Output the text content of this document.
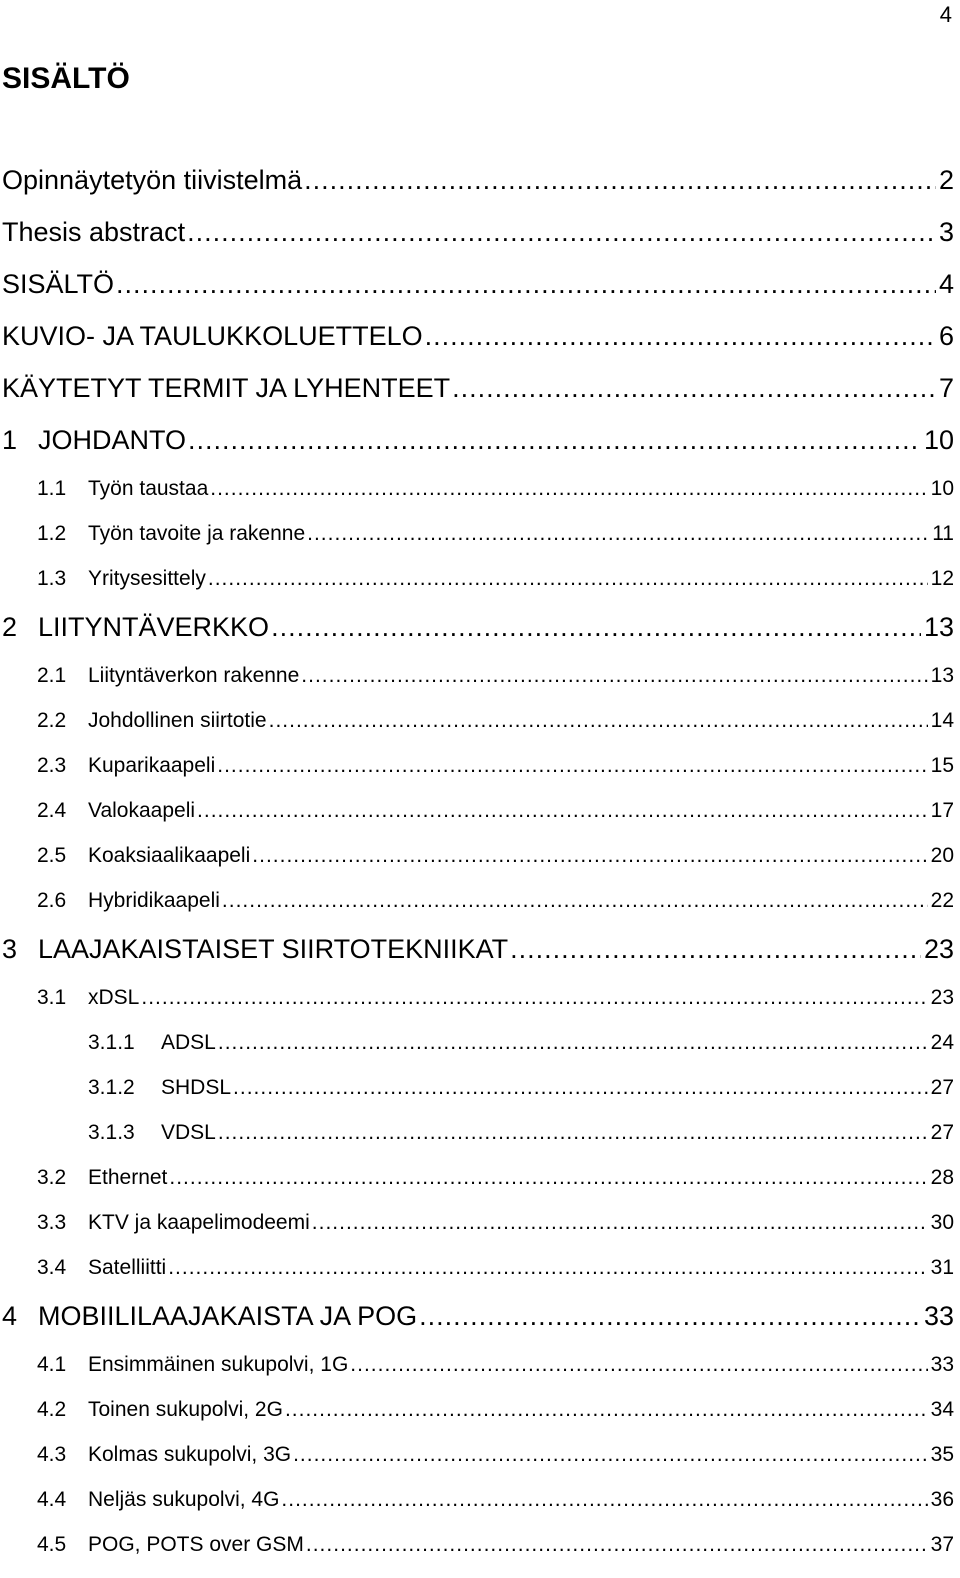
4
SISÄLTÖ
Opinnäytetyön tiivistelmä .....	2
Thesis abstract .....	3
SISÄLTÖ .....	4
KUVIO- JA TAULUKKOLUETTELO .....	6
KÄYTETYT TERMIT JA LYHENTEET .....	7
1 JOHDANTO .....	10
1.1	Työn taustaa .....	10
1.2	Työn tavoite ja rakenne .....	11
1.3	Yritysesittely .....	12
2 LIITYNTÄVERKKO .....	13
2.1	Liityntäverkon rakenne .....	13
2.2	Johdollinen siirtotie .....	14
2.3	Kuparikaapeli .....	15
2.4	Valokaapeli .....	17
2.5	Koaksiaalikaapeli .....	20
2.6	Hybridikaapeli .....	22
3 LAAJAKAISTAISET SIIRTOTEKNIIKAT .....	23
3.1	xDSL .....	23
3.1.1	ADSL .....	24
3.1.2	SHDSL .....	27
3.1.3	VDSL .....	27
3.2	Ethernet .....	28
3.3	KTV ja kaapelimodeemi .....	30
3.4	Satelliitti .....	31
4 MOBIILILAAJAKAISTA JA POG .....	33
4.1	Ensimmäinen sukupolvi, 1G .....	33
4.2	Toinen sukupolvi, 2G .....	34
4.3	Kolmas sukupolvi, 3G .....	35
4.4	Neljäs sukupolvi, 4G .....	36
4.5	POG, POTS over GSM .....	37
